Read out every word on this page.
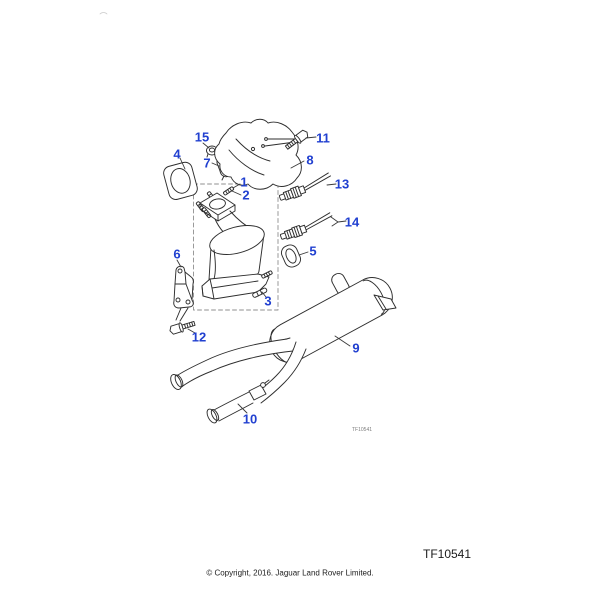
1
2
3
4
5
6
7	8
9
10
11
12
13
14
15
TF10541
TF10541
© Copyright, 2016. Jaguar Land Rover Limited.
